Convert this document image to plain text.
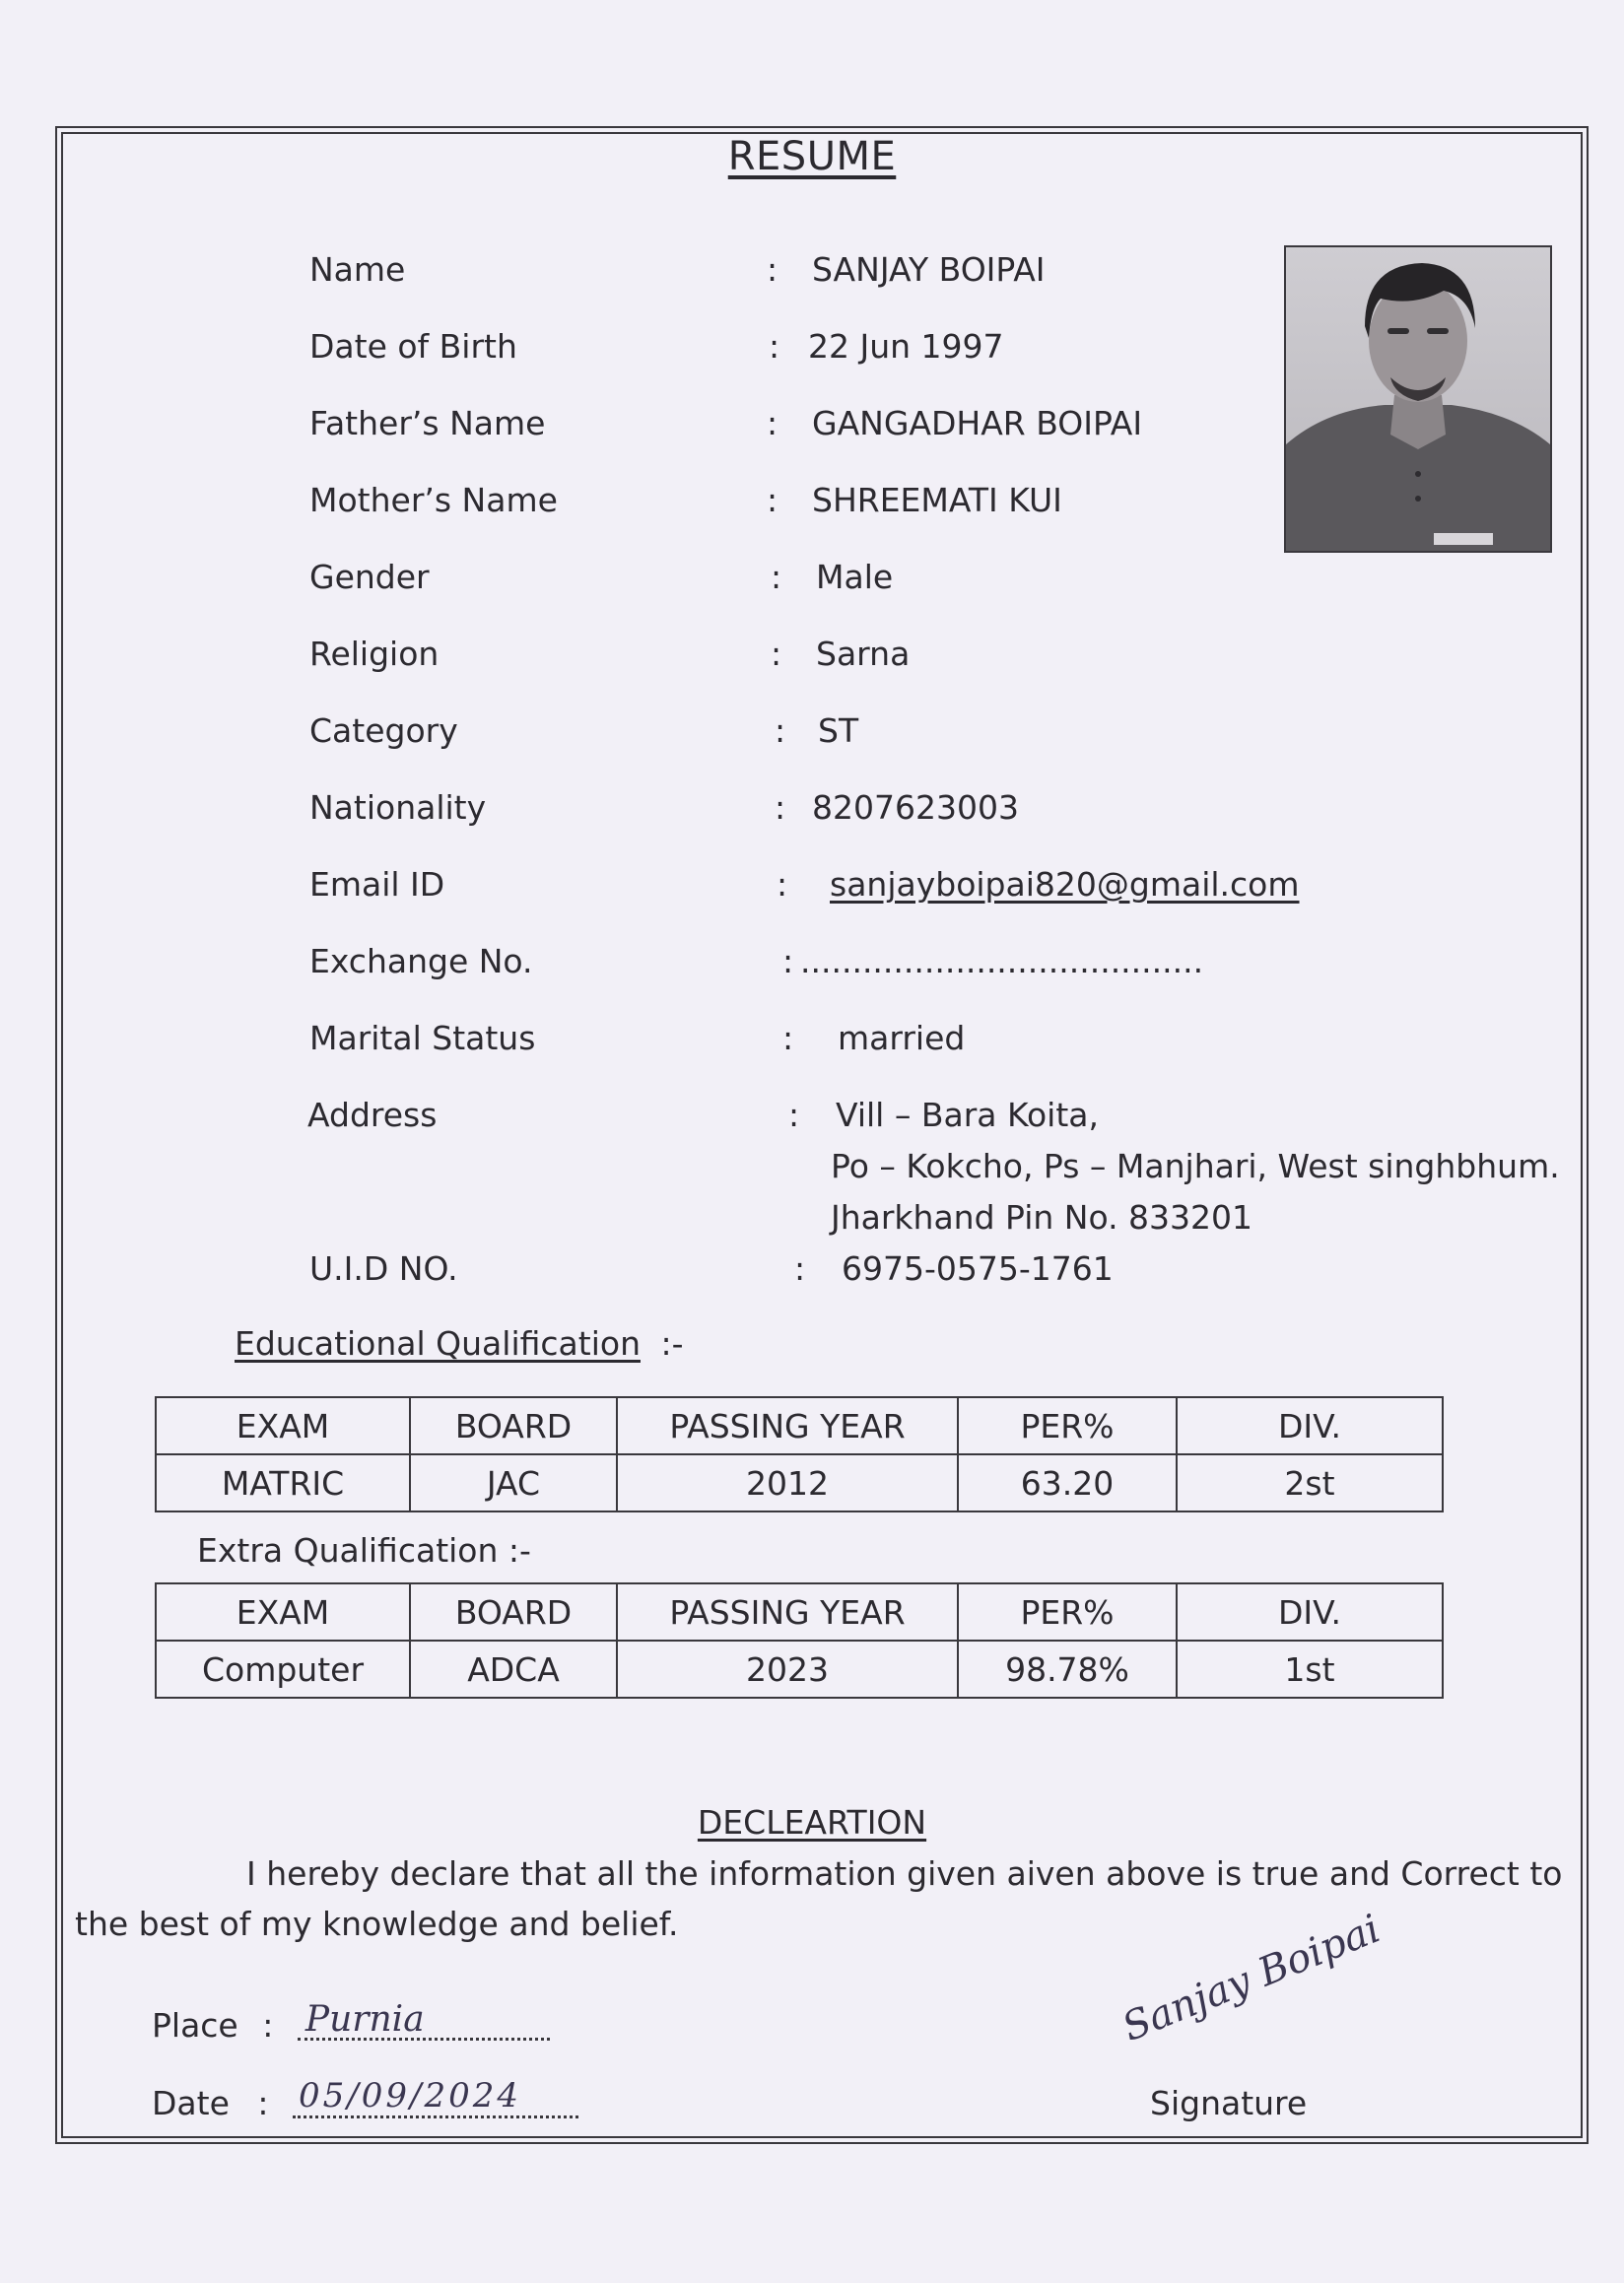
RESUME
Name	: SANJAY BOIPAI
Date of Birth	: 22 Jun 1997
Father’s Name	: GANGADHAR BOIPAI
Mother’s Name	: SHREEMATI KUI
Gender	: Male
Religion	: Sarna
Category	: ST
Nationality	: 8207623003
Email ID	: sanjayboipai820@gmail.com
Exchange No.	: .......................................
Marital Status	: married
Address	: Vill – Bara Koita,
Po – Kokcho, Ps – Manjhari, West singhbhum.
Jharkhand Pin No. 833201
U.I.D NO.	: 6975-0575-1761
Educational Qualification :-
EXAM	BOARD	PASSING YEAR	PER%	DIV.
MATRIC	JAC	2012	63.20	2st
Extra Qualification :-
EXAM	BOARD	PASSING YEAR	PER%	DIV.
Computer	ADCA	2023	98.78%	1st
DECLEARTION
I hereby declare that all the information given aiven above is true and Correct to the best of my knowledge and belief.
Place : Purnia
Date : 05/09/2024
Sanjay Boipai
Signature
